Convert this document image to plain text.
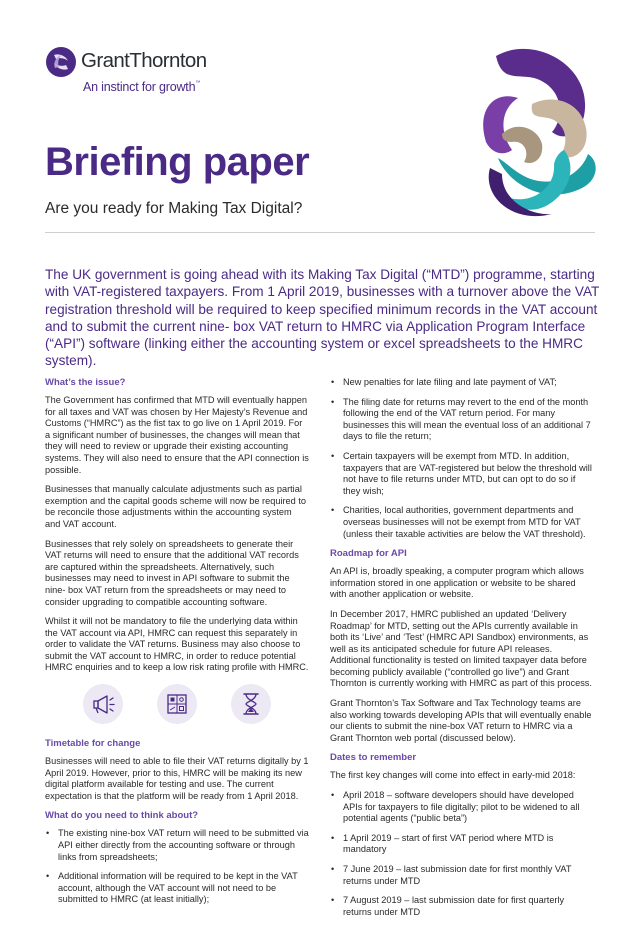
GrantThornton
An instinct for growth™
Briefing paper
Are you ready for Making Tax Digital?

The UK government is going ahead with its Making Tax Digital (“MTD”) programme, starting with VAT-registered taxpayers. From 1 April 2019, businesses with a turnover above the VAT registration threshold will be required to keep specified minimum records in the VAT account and to submit the current nine- box VAT return to HMRC via Application Program Interface (“API”) software (linking either the accounting system or excel spreadsheets to the HMRC system).

What’s the issue?

The Government has confirmed that MTD will eventually happen for all taxes and VAT was chosen by Her Majesty’s Revenue and Customs (“HMRC”) as the fist tax to go live on 1 April 2019. For a significant number of businesses, the changes will mean that they will need to review or upgrade their existing accounting systems. They will also need to ensure that the API connection is possible.

Businesses that manually calculate adjustments such as partial exemption and the capital goods scheme will now be required to be reconcile those adjustments within the accounting system and VAT account.

Businesses that rely solely on spreadsheets to generate their VAT returns will need to ensure that the additional VAT records are captured within the spreadsheets. Alternatively, such businesses may need to invest in API software to submit the nine- box VAT return from the spreadsheets or may need to consider upgrading to compatible accounting software.

Whilst it will not be mandatory to file the underlying data within the VAT account via API, HMRC can request this separately in order to validate the VAT returns. Business may also choose to submit the VAT account to HMRC, in order to reduce potential HMRC enquiries and to keep a low risk rating profile with HMRC.

Timetable for change

Businesses will need to able to file their VAT returns digitally by 1 April 2019. However, prior to this, HMRC will be making its new digital platform available for testing and use. The current expectation is that the platform will be ready from 1 April 2018.

What do you need to think about?
• The existing nine-box VAT return will need to be submitted via API either directly from the accounting software or through links from spreadsheets;
• Additional information will be required to be kept in the VAT account, although the VAT account will not need to be submitted to HMRC (at least initially);
• New penalties for late filing and late payment of VAT;
• The filing date for returns may revert to the end of the month following the end of the VAT return period. For many businesses this will mean the eventual loss of an additional 7 days to file the return;
• Certain taxpayers will be exempt from MTD. In addition, taxpayers that are VAT-registered but below the threshold will not have to file returns under MTD, but can opt to do so if they wish;
• Charities, local authorities, government departments and overseas businesses will not be exempt from MTD for VAT (unless their taxable activities are below the VAT threshold).
Roadmap for API

An API is, broadly speaking, a computer program which allows information stored in one application or website to be shared with another application or website.

In December 2017, HMRC published an updated ‘Delivery Roadmap’ for MTD, setting out the APIs currently available in both its ‘Live’ and ‘Test’ (HMRC API Sandbox) environments, as well as its anticipated schedule for future API releases. Additional functionality is tested on limited taxpayer data before becoming publicly available (“controlled go live”) and Grant Thornton is currently working with HMRC as part of this process.

Grant Thornton’s Tax Software and Tax Technology teams are also working towards developing APIs that will eventually enable our clients to submit the nine-box VAT return to HMRC via a Grant Thornton web portal (discussed below).

Dates to remember

The first key changes will come into effect in early-mid 2018:

• April 2018 – software developers should have developed APIs for taxpayers to file digitally; pilot to be widened to all potential agents (“public beta”)
• 1 April 2019 – start of first VAT period where MTD is mandatory
• 7 June 2019 – last submission date for first monthly VAT returns under MTD
• 7 August 2019 – last submission date for first quarterly returns under MTD
